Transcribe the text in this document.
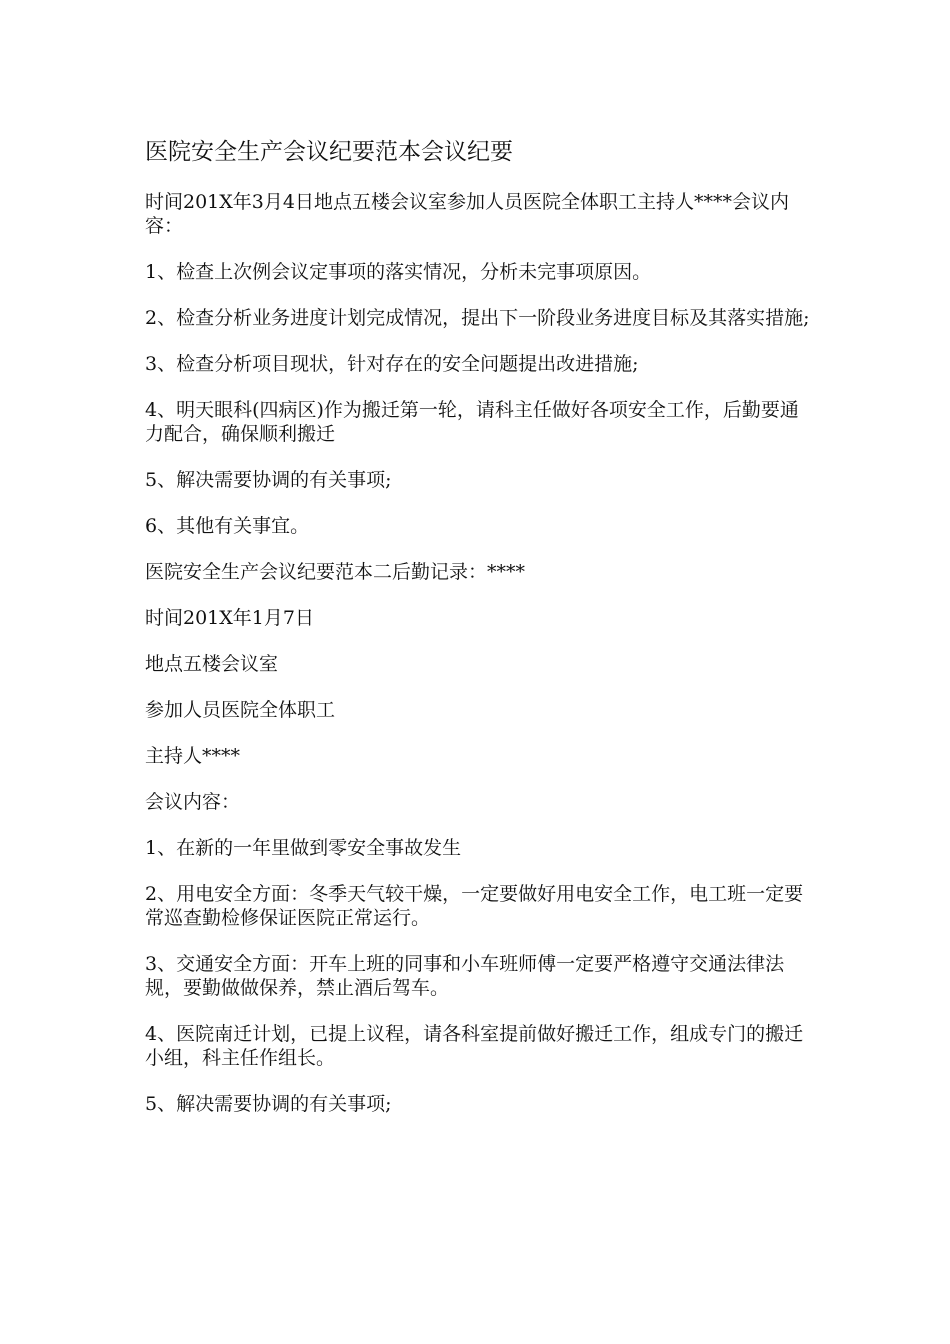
医院安全生产会议纪要范本会议纪要

时间201X年3月4日地点五楼会议室参加人员医院全体职工主持人****会议内容：

1、检查上次例会议定事项的落实情况，分析未完事项原因。

2、检查分析业务进度计划完成情况，提出下一阶段业务进度目标及其落实措施;

3、检查分析项目现状，针对存在的安全问题提出改进措施;

4、明天眼科(四病区)作为搬迁第一轮，请科主任做好各项安全工作，后勤要通力配合，确保顺利搬迁

5、解决需要协调的有关事项;

6、其他有关事宜。

医院安全生产会议纪要范本二后勤记录：****

时间201X年1月7日

地点五楼会议室

参加人员医院全体职工

主持人****

会议内容：

1、在新的一年里做到零安全事故发生

2、用电安全方面：冬季天气较干燥，一定要做好用电安全工作，电工班一定要常巡查勤检修保证医院正常运行。

3、交通安全方面：开车上班的同事和小车班师傅一定要严格遵守交通法律法规，要勤做做保养，禁止酒后驾车。

4、医院南迁计划，已提上议程，请各科室提前做好搬迁工作，组成专门的搬迁小组，科主任作组长。

5、解决需要协调的有关事项;
